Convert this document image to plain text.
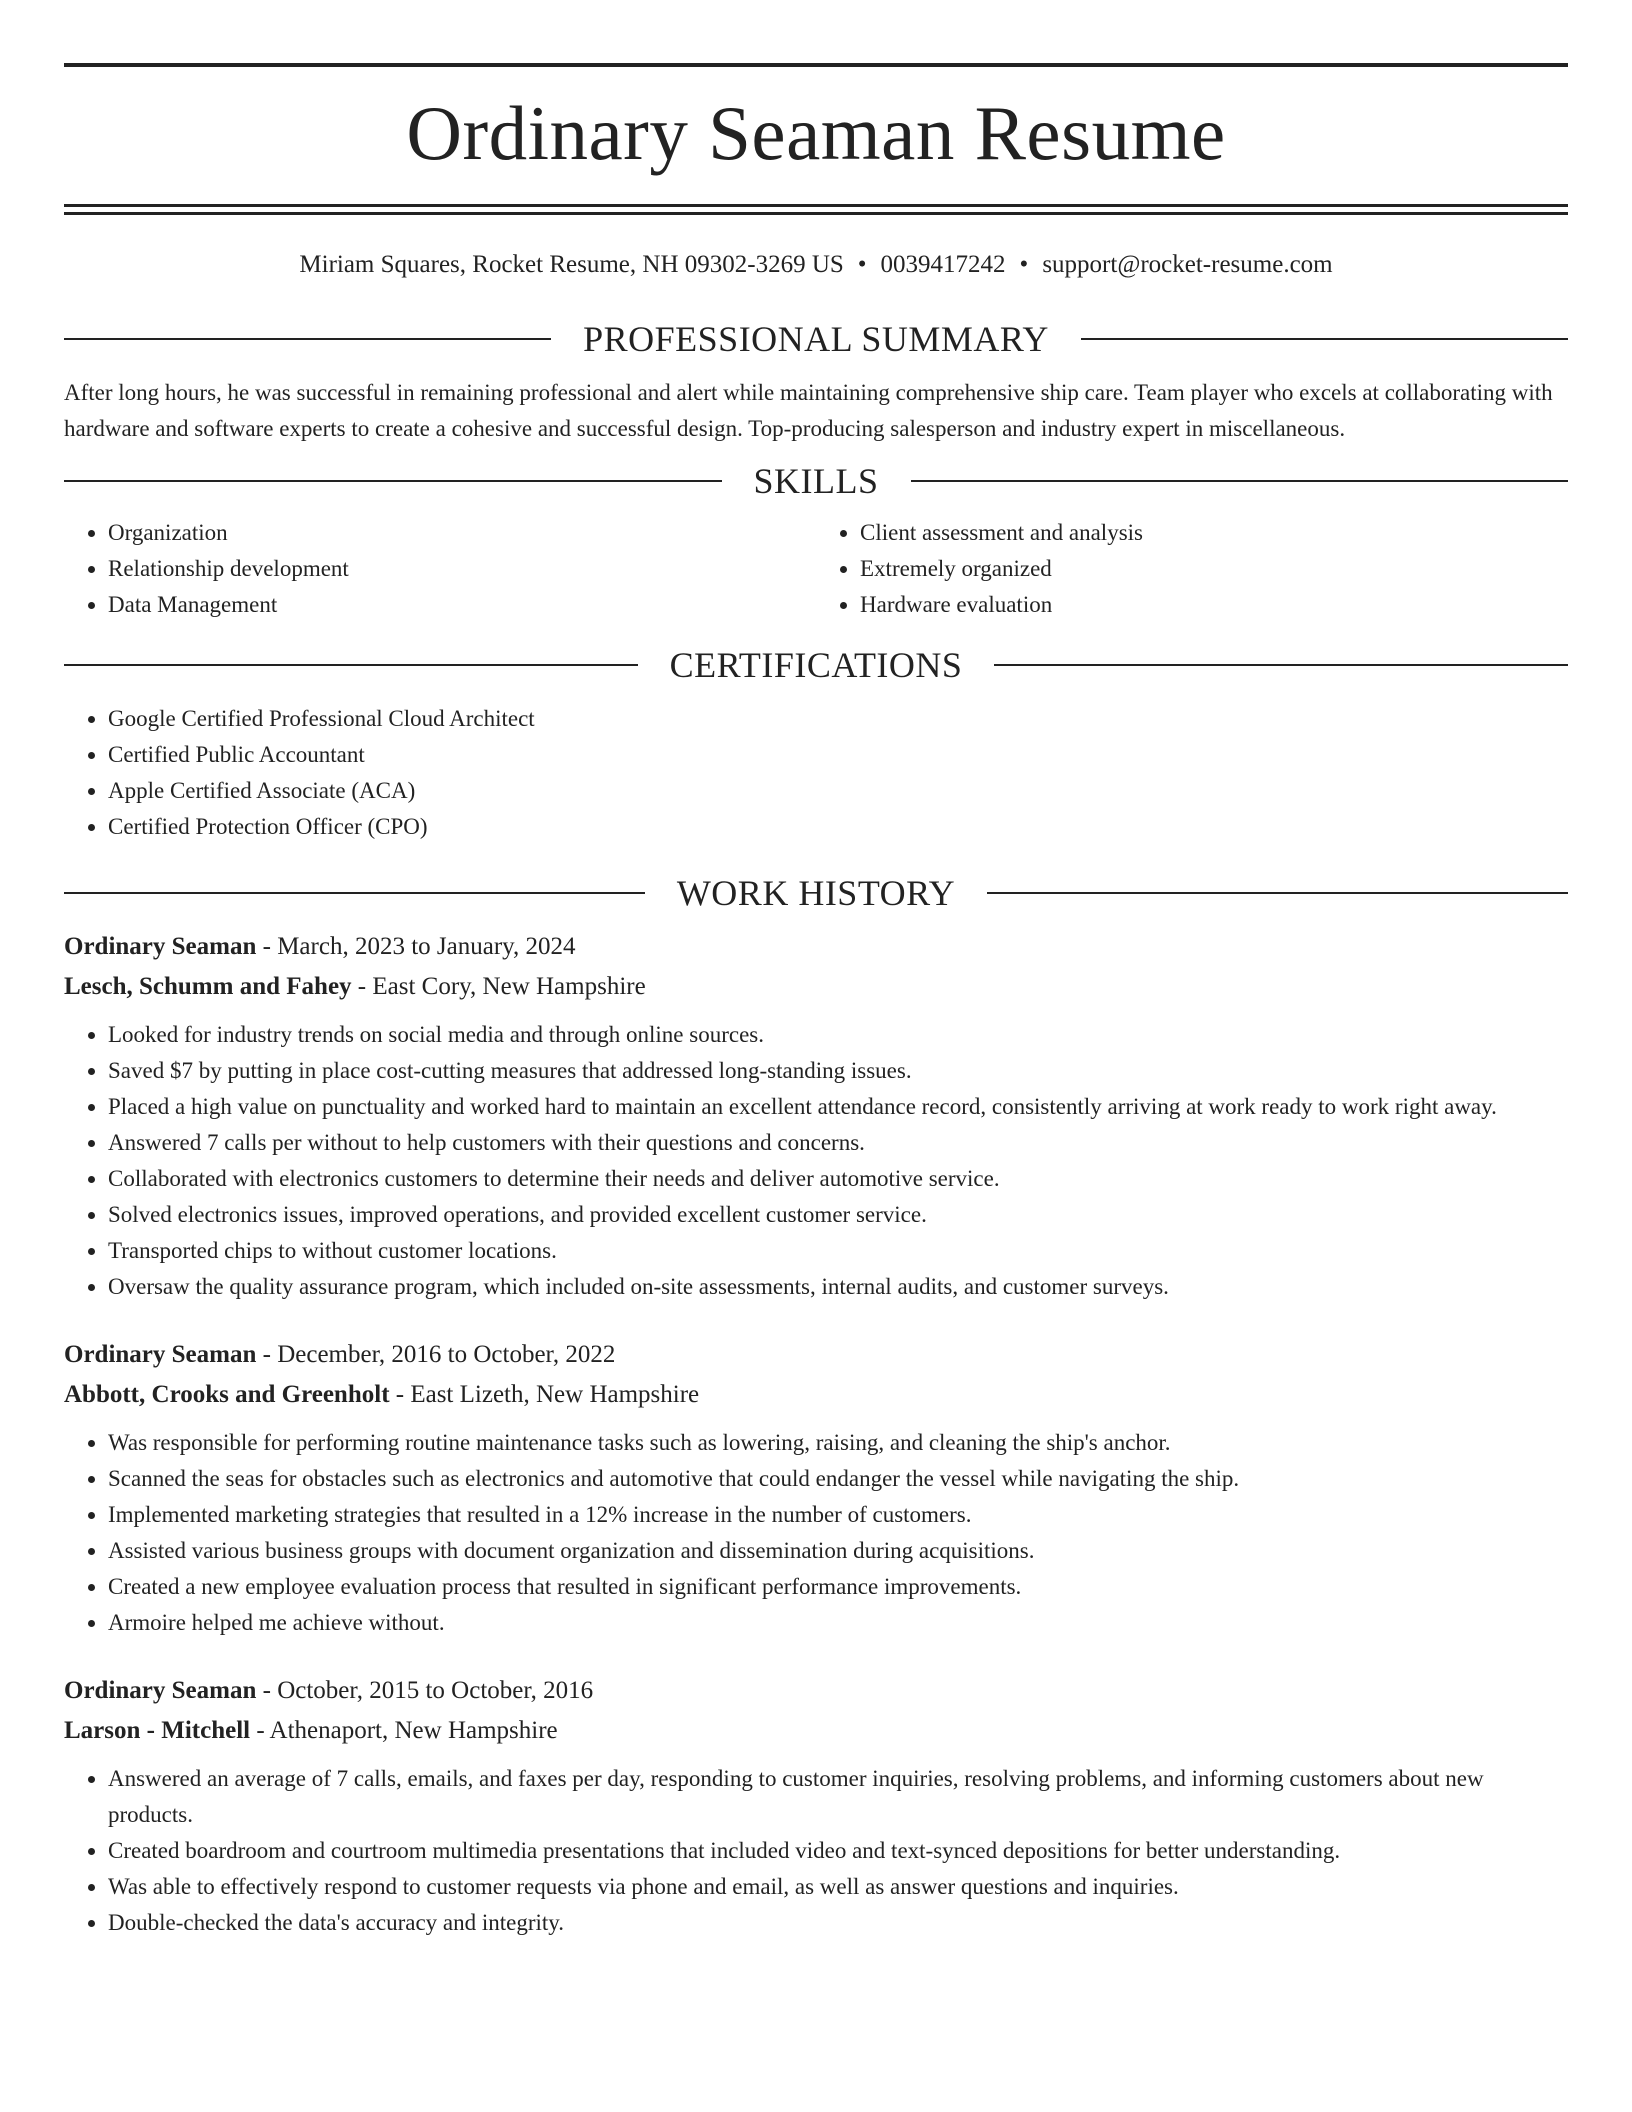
Ordinary Seaman Resume
Miriam Squares, Rocket Resume, NH 09302-3269 US • 0039417242 • support@rocket-resume.com
PROFESSIONAL SUMMARY

After long hours, he was successful in remaining professional and alert while maintaining comprehensive ship care. Team player who excels at collaborating with hardware and software experts to create a cohesive and successful design. Top-producing salesperson and industry expert in miscellaneous.

SKILLS
• Organization
• Relationship development
• Data Management
• Client assessment and analysis
• Extremely organized
• Hardware evaluation
CERTIFICATIONS
• Google Certified Professional Cloud Architect
• Certified Public Accountant
• Apple Certified Associate (ACA)
• Certified Protection Officer (CPO)
WORK HISTORY
Ordinary Seaman - March, 2023 to January, 2024
Lesch, Schumm and Fahey - East Cory, New Hampshire
• Looked for industry trends on social media and through online sources.
• Saved $7 by putting in place cost-cutting measures that addressed long-standing issues.
• Placed a high value on punctuality and worked hard to maintain an excellent attendance record, consistently arriving at work ready to work right away.
• Answered 7 calls per without to help customers with their questions and concerns.
• Collaborated with electronics customers to determine their needs and deliver automotive service.
• Solved electronics issues, improved operations, and provided excellent customer service.
• Transported chips to without customer locations.
• Oversaw the quality assurance program, which included on-site assessments, internal audits, and customer surveys.
Ordinary Seaman - December, 2016 to October, 2022
Abbott, Crooks and Greenholt - East Lizeth, New Hampshire
• Was responsible for performing routine maintenance tasks such as lowering, raising, and cleaning the ship's anchor.
• Scanned the seas for obstacles such as electronics and automotive that could endanger the vessel while navigating the ship.
• Implemented marketing strategies that resulted in a 12% increase in the number of customers.
• Assisted various business groups with document organization and dissemination during acquisitions.
• Created a new employee evaluation process that resulted in significant performance improvements.
• Armoire helped me achieve without.
Ordinary Seaman - October, 2015 to October, 2016
Larson - Mitchell - Athenaport, New Hampshire
• Answered an average of 7 calls, emails, and faxes per day, responding to customer inquiries, resolving problems, and informing customers about new products.
• Created boardroom and courtroom multimedia presentations that included video and text-synced depositions for better understanding.
• Was able to effectively respond to customer requests via phone and email, as well as answer questions and inquiries.
• Double-checked the data's accuracy and integrity.
